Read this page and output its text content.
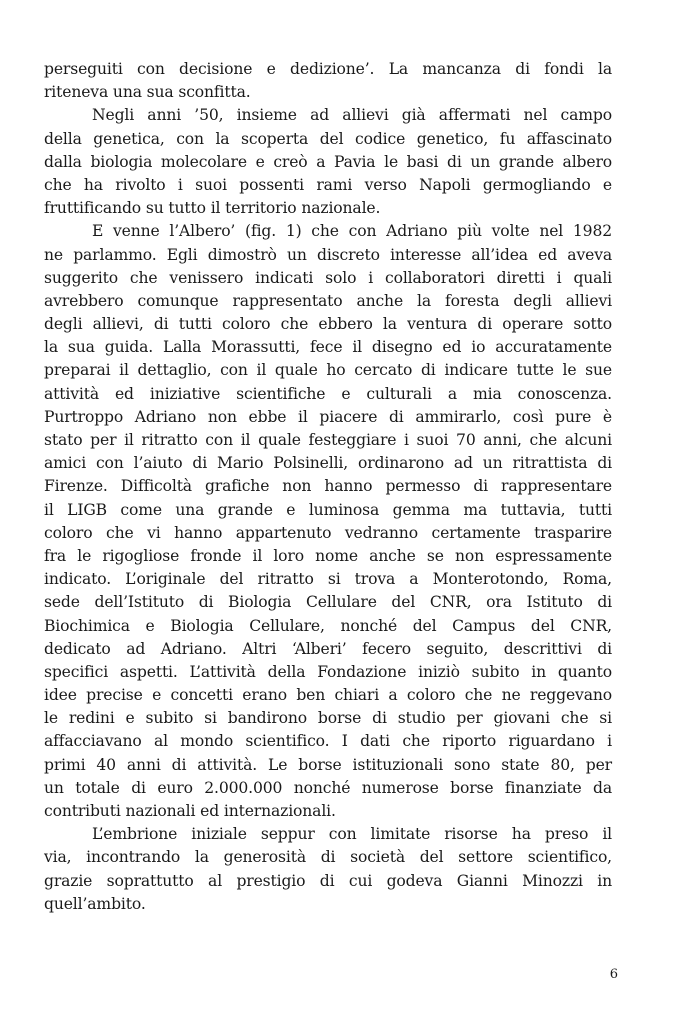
perseguiti con decisione e dedizione’. La mancanza di fondi la
riteneva una sua sconfitta.
Negli anni ’50, insieme ad allievi già affermati nel campo
della genetica, con la scoperta del codice genetico, fu affascinato
dalla biologia molecolare e creò a Pavia le basi di un grande albero
che ha rivolto i suoi possenti rami verso Napoli germogliando e
fruttificando su tutto il territorio nazionale.
E venne l’Albero’ (fig. 1) che con Adriano più volte nel 1982
ne parlammo. Egli dimostrò un discreto interesse all’idea ed aveva
suggerito che venissero indicati solo i collaboratori diretti i quali
avrebbero comunque rappresentato anche la foresta degli allievi
degli allievi, di tutti coloro che ebbero la ventura di operare sotto
la sua guida. Lalla Morassutti, fece il disegno ed io accuratamente
preparai il dettaglio, con il quale ho cercato di indicare tutte le sue
attività ed iniziative scientifiche e culturali a mia conoscenza.
Purtroppo Adriano non ebbe il piacere di ammirarlo, così pure è
stato per il ritratto con il quale festeggiare i suoi 70 anni, che alcuni
amici con l’aiuto di Mario Polsinelli, ordinarono ad un ritrattista di
Firenze. Difficoltà grafiche non hanno permesso di rappresentare
il LIGB come una grande e luminosa gemma ma tuttavia, tutti
coloro che vi hanno appartenuto vedranno certamente trasparire
fra le rigogliose fronde il loro nome anche se non espressamente
indicato. L’originale del ritratto si trova a Monterotondo, Roma,
sede dell’Istituto di Biologia Cellulare del CNR, ora Istituto di
Biochimica e Biologia Cellulare, nonché del Campus del CNR,
dedicato ad Adriano. Altri ‘Alberi’ fecero seguito, descrittivi di
specifici aspetti. L’attività della Fondazione iniziò subito in quanto
idee precise e concetti erano ben chiari a coloro che ne reggevano
le redini e subito si bandirono borse di studio per giovani che si
affacciavano al mondo scientifico. I dati che riporto riguardano i
primi 40 anni di attività. Le borse istituzionali sono state 80, per
un totale di euro 2.000.000 nonché numerose borse finanziate da
contributi nazionali ed internazionali.
L’embrione iniziale seppur con limitate risorse ha preso il
via, incontrando la generosità di società del settore scientifico,
grazie soprattutto al prestigio di cui godeva Gianni Minozzi in
quell’ambito.
6
